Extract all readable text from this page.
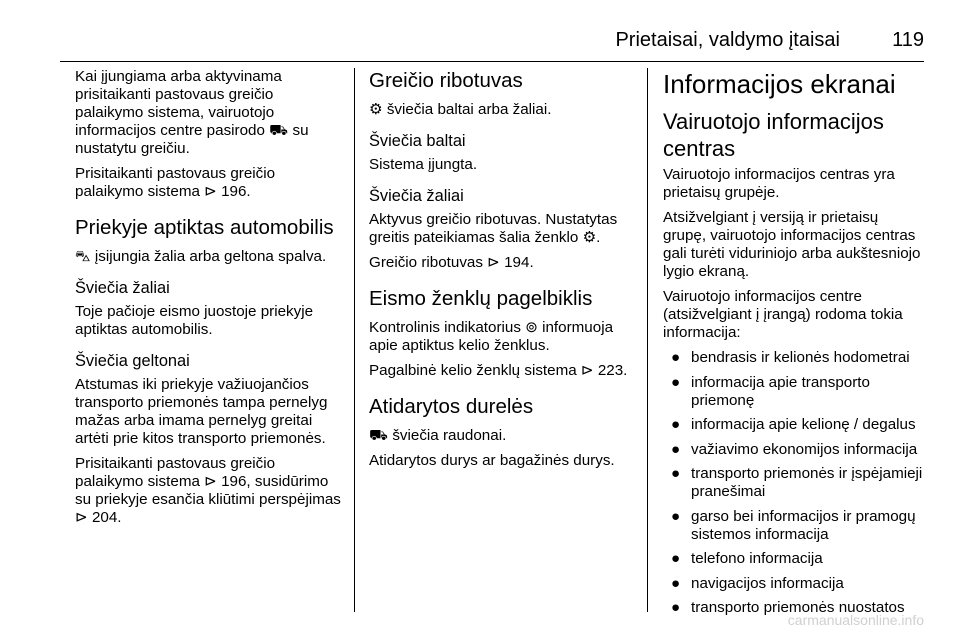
Prietaisai, valdymo įtaisai	119

Kai įjungiama arba aktyvinama prisitaikanti pastovaus greičio palaikymo sistema, vairuotojo informacijos centre pasirodo ⛟ su nustatytu greičiu.

Prisitaikanti pastovaus greičio palaikymo sistema ⊳ 196.

Priekyje aptiktas automobilis

⛍ įsijungia žalia arba geltona spalva.

Šviečia žaliai

Toje pačioje eismo juostoje priekyje aptiktas automobilis.

Šviečia geltonai

Atstumas iki priekyje važiuojančios transporto priemonės tampa pernelyg mažas arba imama pernelyg greitai artėti prie kitos transporto priemonės.

Prisitaikanti pastovaus greičio palaikymo sistema ⊳ 196, susidūrimo su priekyje esančia kliūtimi perspėjimas ⊳ 204.

Greičio ribotuvas

⚙ šviečia baltai arba žaliai.

Šviečia baltai

Sistema įjungta.

Šviečia žaliai

Aktyvus greičio ribotuvas. Nustatytas greitis pateikiamas šalia ženklo ⚙.

Greičio ribotuvas ⊳ 194.

Eismo ženklų pagelbiklis

Kontrolinis indikatorius ⊚ informuoja apie aptiktus kelio ženklus.

Pagalbinė kelio ženklų sistema ⊳ 223.

Atidarytos durelės

⛟ šviečia raudonai.

Atidarytos durys ar bagažinės durys.

Informacijos ekranai
Vairuotojo informacijos centras

Vairuotojo informacijos centras yra prietaisų grupėje.

Atsižvelgiant į versiją ir prietaisų grupę, vairuotojo informacijos centras gali turėti viduriniojo arba aukštesniojo lygio ekraną.

Vairuotojo informacijos centre (atsižvelgiant į įrangą) rodoma tokia informacija:

● bendrasis ir kelionės hodometrai
● informacija apie transporto priemonę
● informacija apie kelionę / degalus
● važiavimo ekonomijos informacija
● transporto priemonės ir įspėjamieji pranešimai
● garso bei informacijos ir pramogų sistemos informacija
● telefono informacija
● navigacijos informacija
● transporto priemonės nuostatos
carmanualsonline.info
